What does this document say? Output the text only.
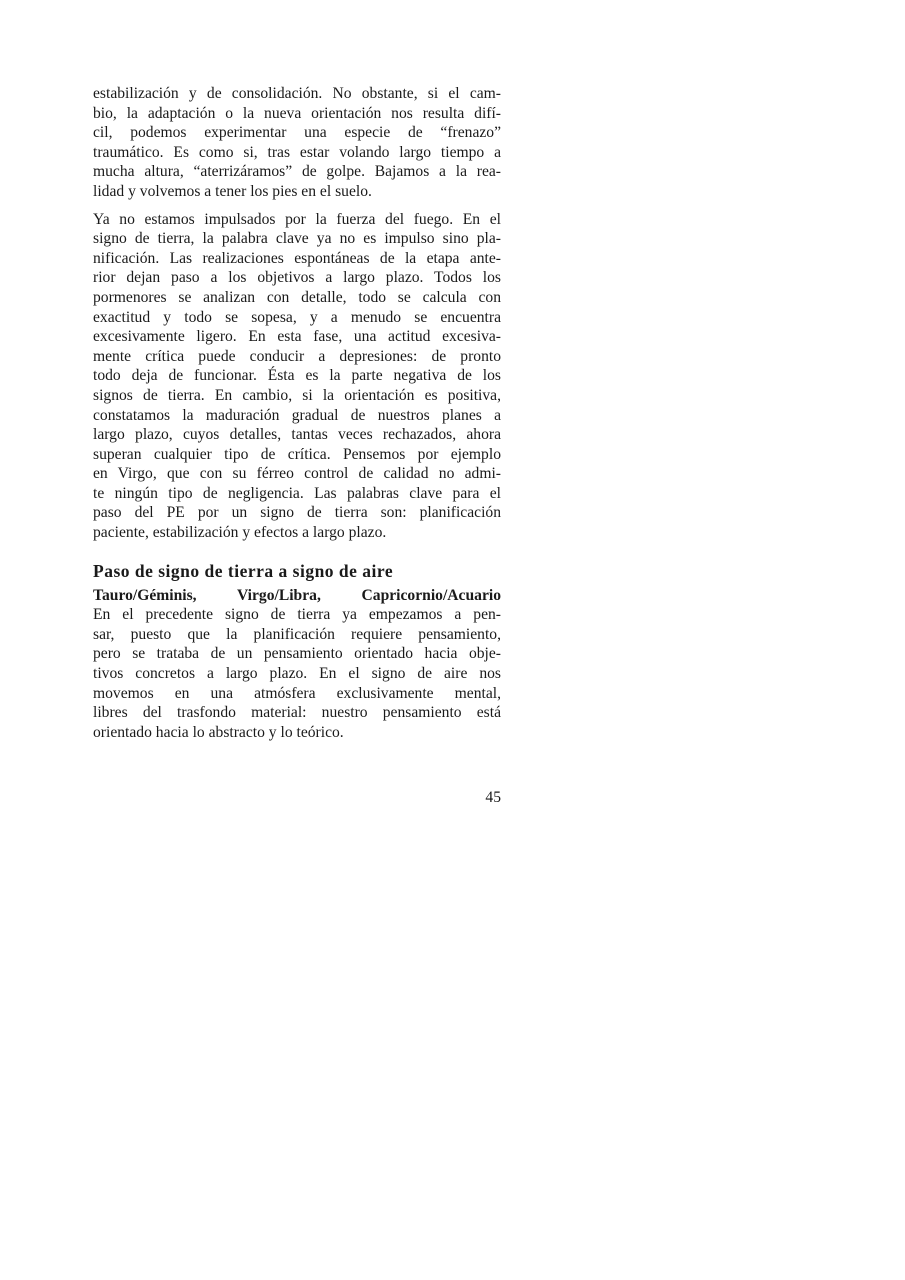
estabilización y de consolidación. No obstante, si el cam-
bio, la adaptación o la nueva orientación nos resulta difí-
cil, podemos experimentar una especie de “frenazo”
traumático. Es como si, tras estar volando largo tiempo a
mucha altura, “aterrizáramos” de golpe. Bajamos a la rea-
lidad y volvemos a tener los pies en el suelo.
Ya no estamos impulsados por la fuerza del fuego. En el
signo de tierra, la palabra clave ya no es impulso sino pla-
nificación. Las realizaciones espontáneas de la etapa ante-
rior dejan paso a los objetivos a largo plazo. Todos los
pormenores se analizan con detalle, todo se calcula con
exactitud y todo se sopesa, y a menudo se encuentra
excesivamente ligero. En esta fase, una actitud excesiva-
mente crítica puede conducir a depresiones: de pronto
todo deja de funcionar. Ésta es la parte negativa de los
signos de tierra. En cambio, si la orientación es positiva,
constatamos la maduración gradual de nuestros planes a
largo plazo, cuyos detalles, tantas veces rechazados, ahora
superan cualquier tipo de crítica. Pensemos por ejemplo
en Virgo, que con su férreo control de calidad no admi-
te ningún tipo de negligencia. Las palabras clave para el
paso del PE por un signo de tierra son: planificación
paciente, estabilización y efectos a largo plazo.
Paso de signo de tierra a signo de aire
Tauro/Géminis, Virgo/Libra, Capricornio/Acuario
En el precedente signo de tierra ya empezamos a pen-
sar, puesto que la planificación requiere pensamiento,
pero se trataba de un pensamiento orientado hacia obje-
tivos concretos a largo plazo. En el signo de aire nos
movemos en una atmósfera exclusivamente mental,
libres del trasfondo material: nuestro pensamiento está
orientado hacia lo abstracto y lo teórico.
45
